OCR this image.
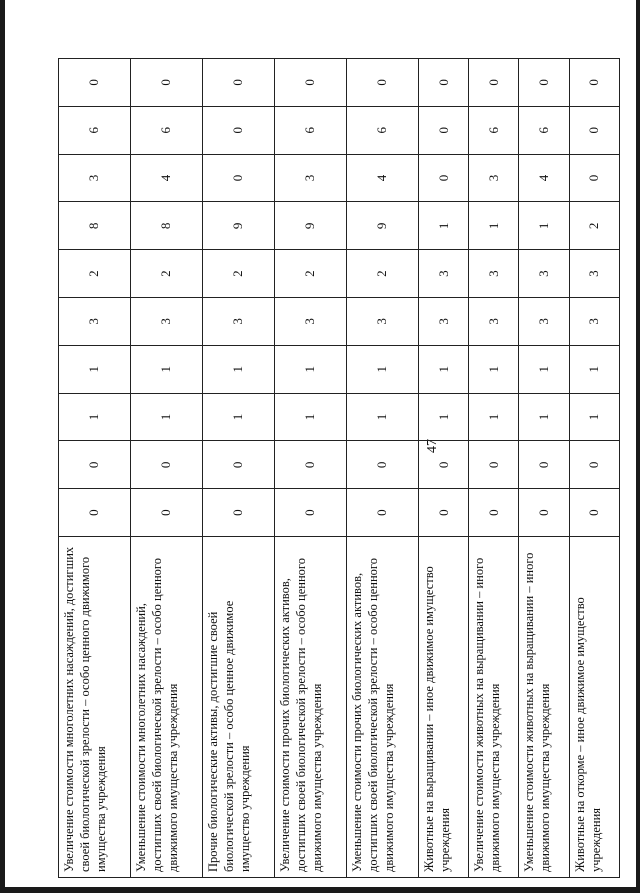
47
Увеличение стоимости многолетних насаждений, достигших своей биологической зрелости – особо ценного движимого имущества учреждения	0	0	1	1	3	2	8	3	6	0
Уменьшение стоимости многолетних насаждений, достигших своей биологической зрелости – особо ценного движимого имущества учреждения	0	0	1	1	3	2	8	4	6	0
Прочие биологические активы, достигшие своей биологической зрелости – особо ценное движимое имущество учреждения	0	0	1	1	3	2	9	0	0	0
Увеличение стоимости прочих биологических активов, достигших своей биологической зрелости – особо ценного движимого имущества учреждения	0	0	1	1	3	2	9	3	6	0
Уменьшение стоимости прочих биологических активов, достигших своей биологической зрелости – особо ценного движимого имущества учреждения	0	0	1	1	3	2	9	4	6	0
Животные на выращивании – иное движимое имущество учреждения	0	0	1	1	3	3	1	0	0	0
Увеличение стоимости животных на выращивании – иного движимого имущества учреждения	0	0	1	1	3	3	1	3	6	0
Уменьшение стоимости животных на выращивании – иного движимого имущества учреждения	0	0	1	1	3	3	1	4	6	0
Животные на откорме – иное движимое имущество учреждения	0	0	1	1	3	3	2	0	0	0
